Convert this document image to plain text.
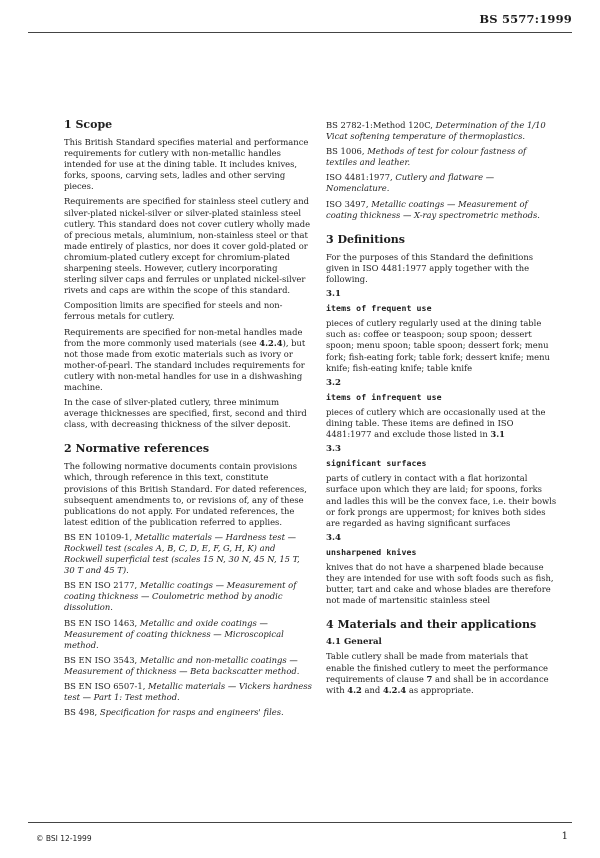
BS 5577:1999
1 Scope

This British Standard specifies material and performance requirements for cutlery with non-metallic handles intended for use at the dining table. It includes knives, forks, spoons, carving sets, ladles and other serving pieces.

Requirements are specified for stainless steel cutlery and silver-plated nickel-silver or silver-plated stainless steel cutlery. This standard does not cover cutlery wholly made of precious metals, aluminium, non-stainless steel or that made entirely of plastics, nor does it cover gold-plated or chromium-plated cutlery except for chromium-plated sharpening steels. However, cutlery incorporating sterling silver caps and ferrules or unplated nickel-silver rivets and caps are within the scope of this standard.

Composition limits are specified for steels and non-ferrous metals for cutlery.

Requirements are specified for non-metal handles made from the more commonly used materials (see 4.2.4), but not those made from exotic materials such as ivory or mother-of-pearl. The standard includes requirements for cutlery with non-metal handles for use in a dishwashing machine.

In the case of silver-plated cutlery, three minimum average thicknesses are specified, first, second and third class, with decreasing thickness of the silver deposit.

2 Normative references

The following normative documents contain provisions which, through reference in this text, constitute provisions of this British Standard. For dated references, subsequent amendments to, or revisions of, any of these publications do not apply. For undated references, the latest edition of the publication referred to applies.

BS EN 10109-1, Metallic materials — Hardness test — Rockwell test (scales A, B, C, D, E, F, G, H, K) and Rockwell superficial test (scales 15 N, 30 N, 45 N, 15 T, 30 T and 45 T).

BS EN ISO 2177, Metallic coatings — Measurement of coating thickness — Coulometric method by anodic dissolution.

BS EN ISO 1463, Metallic and oxide coatings — Measurement of coating thickness — Microscopical method.

BS EN ISO 3543, Metallic and non-metallic coatings — Measurement of thickness — Beta backscatter method.

BS EN ISO 6507-1, Metallic materials — Vickers hardness test — Part 1: Test method.

BS 498, Specification for rasps and engineers' files.

BS 2782-1:Method 120C, Determination of the 1/10 Vicat softening temperature of thermoplastics.

BS 1006, Methods of test for colour fastness of textiles and leather.

ISO 4481:1977, Cutlery and flatware — Nomenclature.

ISO 3497, Metallic coatings — Measurement of coating thickness — X-ray spectrometric methods.

3 Definitions

For the purposes of this Standard the definitions given in ISO 4481:1977 apply together with the following.

3.1
items of frequent use

pieces of cutlery regularly used at the dining table such as: coffee or teaspoon; soup spoon; dessert spoon; menu spoon; table spoon; dessert fork; menu fork; fish-eating fork; table fork; dessert knife; menu knife; fish-eating knife; table knife

3.2
items of infrequent use

pieces of cutlery which are occasionally used at the dining table. These items are defined in ISO 4481:1977 and exclude those listed in 3.1

3.3
significant surfaces

parts of cutlery in contact with a flat horizontal surface upon which they are laid; for spoons, forks and ladles this will be the convex face, i.e. their bowls or fork prongs are uppermost; for knives both sides are regarded as having significant surfaces

3.4
unsharpened knives

knives that do not have a sharpened blade because they are intended for use with soft foods such as fish, butter, tart and cake and whose blades are therefore not made of martensitic stainless steel

4 Materials and their applications
4.1 General

Table cutlery shall be made from materials that enable the finished cutlery to meet the performance requirements of clause 7 and shall be in accordance with 4.2 and 4.2.4 as appropriate.

© BSI 12-1999	1
